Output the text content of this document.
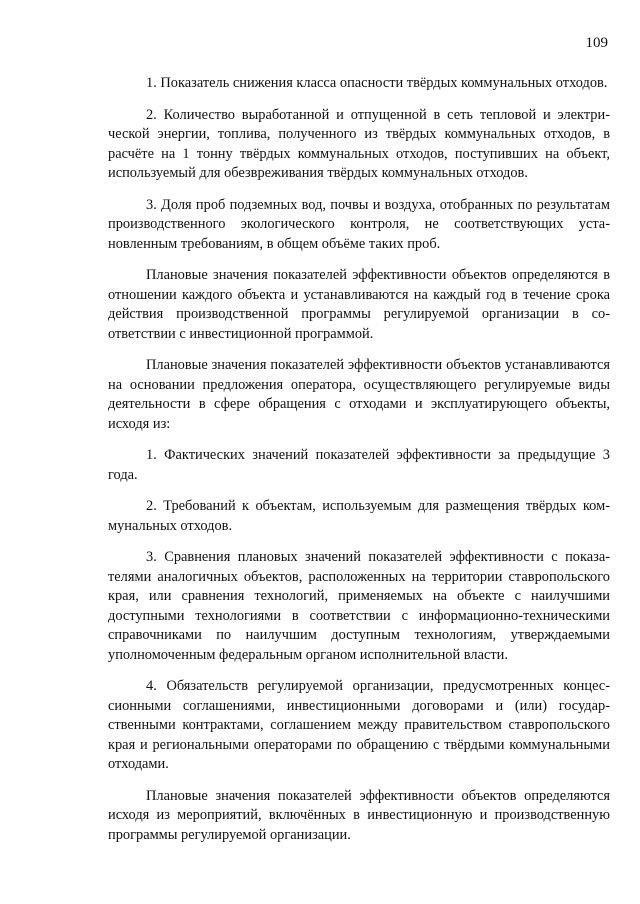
109

1. Показатель снижения класса опасности твёрдых коммунальных отходов.

2. Количество выработанной и отпущенной в сеть тепловой и электрической энергии, топлива, полученного из твёрдых коммунальных отходов, в расчёте на 1 тонну твёрдых коммунальных отходов, поступивших на объект, используемый для обезвреживания твёрдых коммунальных отходов.

3. Доля проб подземных вод, почвы и воздуха, отобранных по результатам производственного экологического контроля, не соответствующих установленным требованиям, в общем объёме таких проб.

Плановые значения показателей эффективности объектов определяются в отношении каждого объекта и устанавливаются на каждый год в течение срока действия производственной программы регулируемой организации в соответствии с инвестиционной программой.

Плановые значения показателей эффективности объектов устанавливаются на основании предложения оператора, осуществляющего регулируемые виды деятельности в сфере обращения с отходами и эксплуатирующего объекты, исходя из:

1. Фактических значений показателей эффективности за предыдущие 3 года.

2. Требований к объектам, используемым для размещения твёрдых коммунальных отходов.

3. Сравнения плановых значений показателей эффективности с показателями аналогичных объектов, расположенных на территории ставропольского края, или сравнения технологий, применяемых на объекте с наилучшими доступными технологиями в соответствии с информационно-техническими справочниками по наилучшим доступным технологиям, утверждаемыми уполномоченным федеральным органом исполнительной власти.

4. Обязательств регулируемой организации, предусмотренных концессионными соглашениями, инвестиционными договорами и (или) государственными контрактами, соглашением между правительством ставропольского края и региональными операторами по обращению с твёрдыми коммунальными отходами.

Плановые значения показателей эффективности объектов определяются исходя из мероприятий, включённых в инвестиционную и производственную программы регулируемой организации.
